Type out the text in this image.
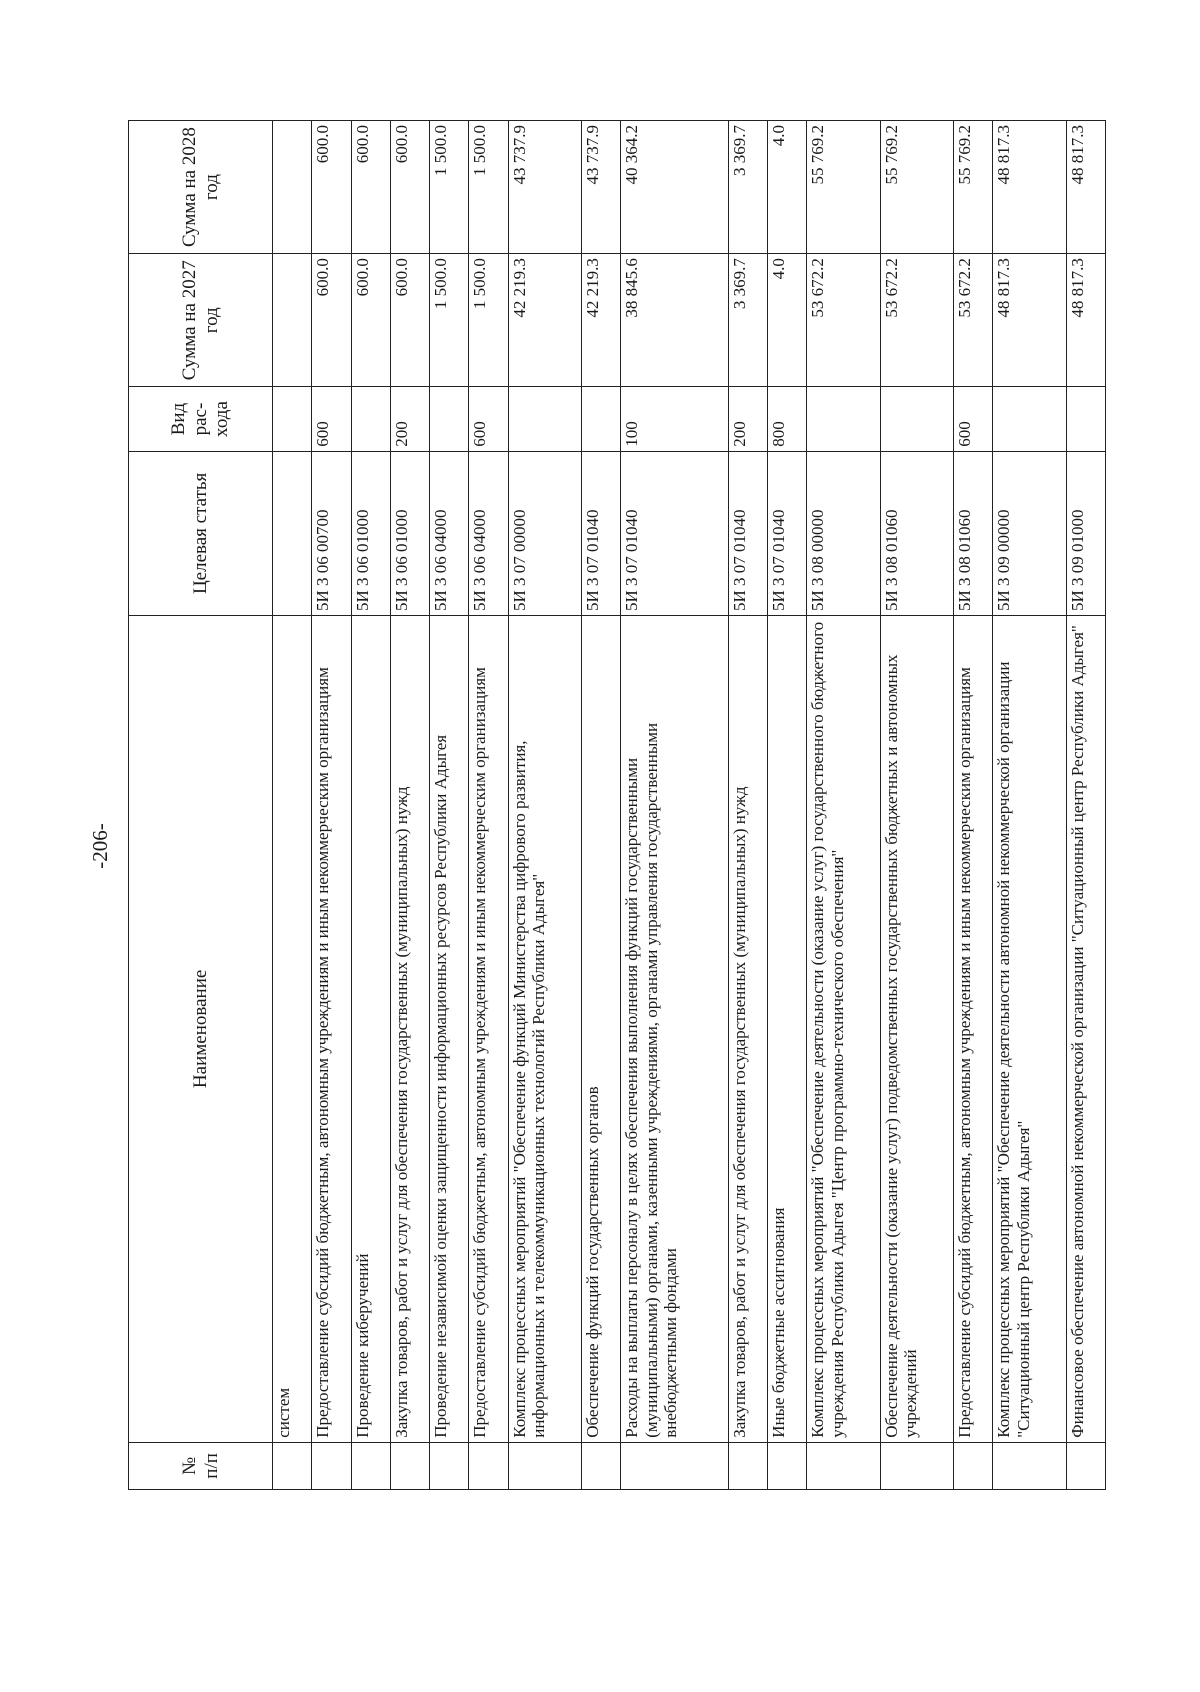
-206-
№ п/п	Наименование	Целевая статья	Вид рас-хода	Сумма на 2027 год	Сумма на 2028 год
	систем				
	Предоставление субсидий бюджетным, автономным учреждениям и иным некоммерческим организациям	5И 3 06 00700	600	600.0	600.0
	Проведение киберучений	5И 3 06 01000		600.0	600.0
	Закупка товаров, работ и услуг для обеспечения государственных (муниципальных) нужд	5И 3 06 01000	200	600.0	600.0
	Проведение независимой оценки защищенности информационных ресурсов Республики Адыгея	5И 3 06 04000		1 500.0	1 500.0
	Предоставление субсидий бюджетным, автономным учреждениям и иным некоммерческим организациям	5И 3 06 04000	600	1 500.0	1 500.0
	Комплекс процессных мероприятий "Обеспечение функций Министерства цифрового развития, информационных и телекоммуникационных технологий Республики Адыгея"	5И 3 07 00000		42 219.3	43 737.9
	Обеспечение функций государственных органов	5И 3 07 01040		42 219.3	43 737.9
	Расходы на выплаты персоналу в целях обеспечения выполнения функций государственными (муниципальными) органами, казенными учреждениями, органами управления государственными внебюджетными фондами	5И 3 07 01040	100	38 845.6	40 364.2
	Закупка товаров, работ и услуг для обеспечения государственных (муниципальных) нужд	5И 3 07 01040	200	3 369.7	3 369.7
	Иные бюджетные ассигнования	5И 3 07 01040	800	4.0	4.0
	Комплекс процессных мероприятий "Обеспечение деятельности (оказание услуг) государственного бюджетного учреждения Республики Адыгея "Центр программно-технического обеспечения"	5И 3 08 00000		53 672.2	55 769.2
	Обеспечение деятельности (оказание услуг) подведомственных государственных бюджетных и автономных учреждений	5И 3 08 01060		53 672.2	55 769.2
	Предоставление субсидий бюджетным, автономным учреждениям и иным некоммерческим организациям	5И 3 08 01060	600	53 672.2	55 769.2
	Комплекс процессных мероприятий "Обеспечение деятельности автономной некоммерческой организации "Ситуационный центр Республики Адыгея"	5И 3 09 00000		48 817.3	48 817.3
	Финансовое обеспечение автономной некоммерческой организации "Ситуационный центр Республики Адыгея"	5И 3 09 01000		48 817.3	48 817.3
